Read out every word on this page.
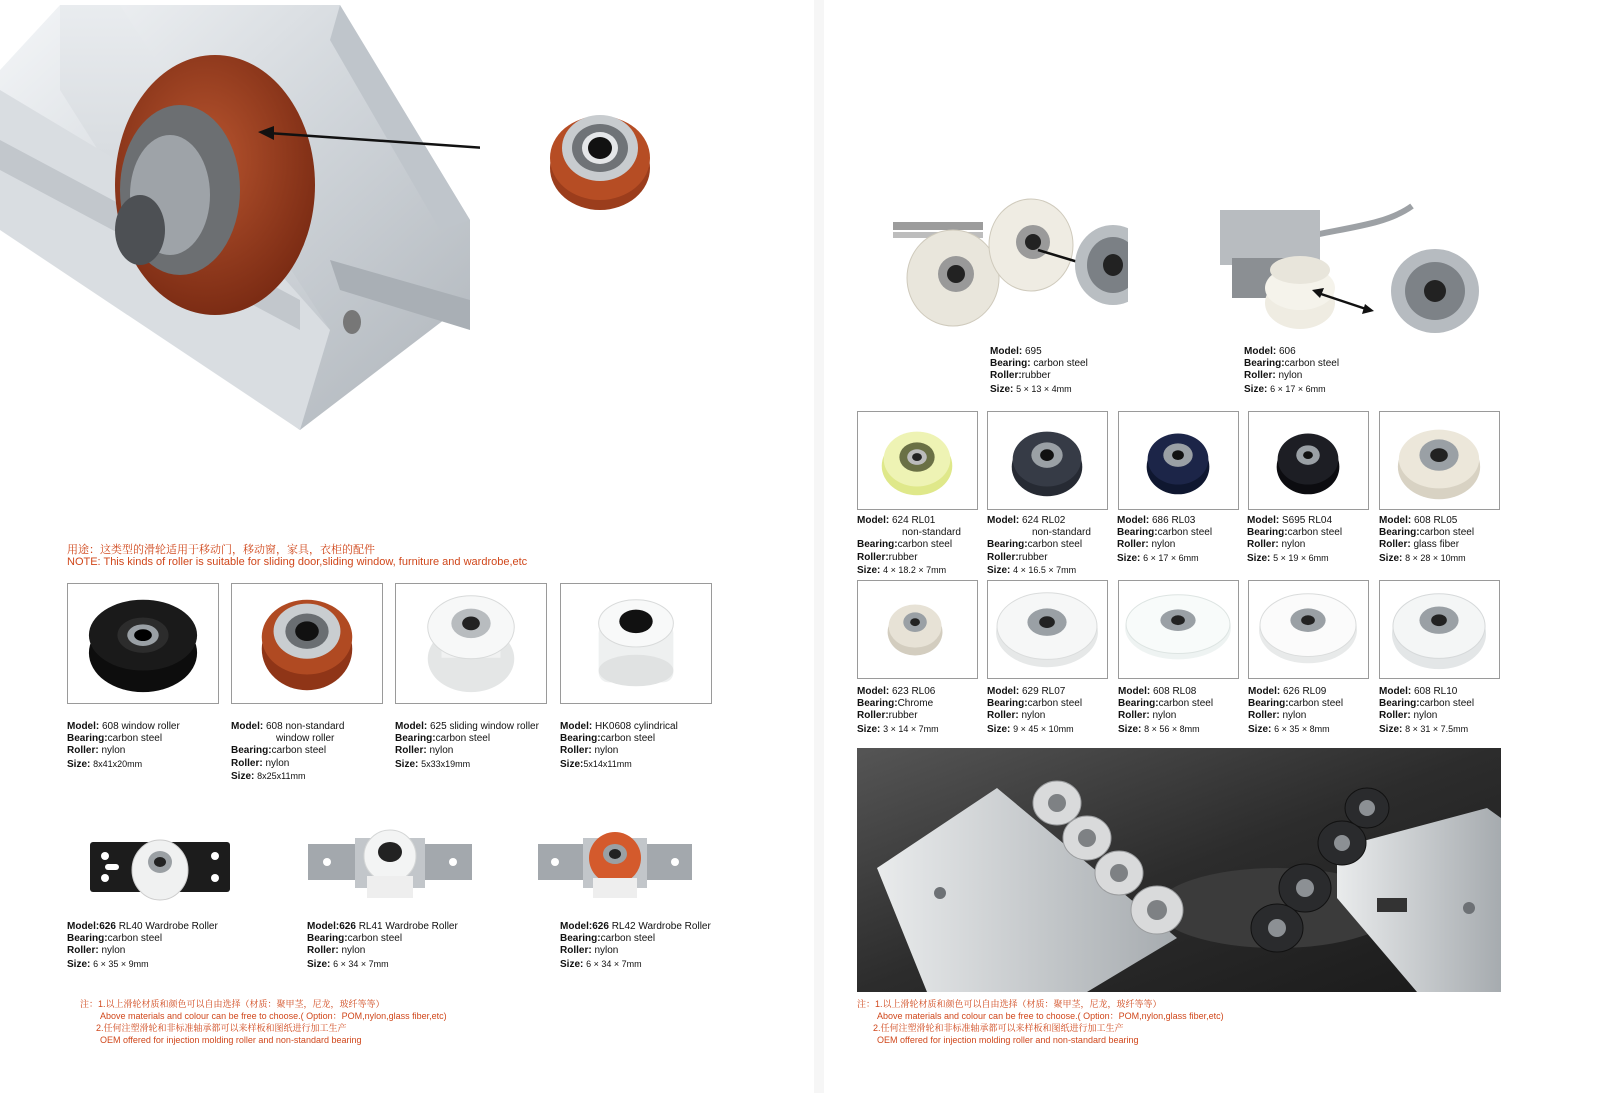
用途：这类型的滑轮适用于移动门，移动窗，家具，衣柜的配件
NOTE: This kinds of roller is suitable for sliding door,sliding window, furniture and wardrobe,etc
Model: 608 window roller
Bearing:carbon steel
Roller: nylon
Size: 8x41x20mm
Model: 608 non-standard
window roller
Bearing:carbon steel
Roller: nylon
Size: 8x25x11mm
Model: 625 sliding window roller
Bearing:carbon steel
Roller: nylon
Size: 5x33x19mm
Model: HK0608 cylindrical
Bearing:carbon steel
Roller: nylon
Size:5x14x11mm
Model:626 RL40 Wardrobe Roller
Bearing:carbon steel
Roller: nylon
Size: 6 × 35 × 9mm
Model:626 RL41 Wardrobe Roller
Bearing:carbon steel
Roller: nylon
Size: 6 × 34 × 7mm
Model:626 RL42 Wardrobe Roller
Bearing:carbon steel
Roller: nylon
Size: 6 × 34 × 7mm
注：1.以上滑轮材质和颜色可以自由选择（材质：聚甲茎，尼龙，玻纤等等）
Above materials and colour can be free to choose.( Option：POM,nylon,glass fiber,etc)
2.任何注塑滑轮和非标准轴承都可以来样板和图纸进行加工生产
OEM offered for injection molding roller and non-standard bearing
Model: 695
Bearing: carbon steel
Roller:rubber
Size: 5 × 13 × 4mm
Model: 606
Bearing:carbon steel
Roller: nylon
Size: 6 × 17 × 6mm
Model: 624 RL01
non-standard
Bearing:carbon steel
Roller:rubber
Size: 4 × 18.2 × 7mm
Model: 624 RL02
non-standard
Bearing:carbon steel
Roller:rubber
Size: 4 × 16.5 × 7mm
Model: 686 RL03
Bearing:carbon steel
Roller: nylon
Size: 6 × 17 × 6mm
Model: S695 RL04
Bearing:carbon steel
Roller: nylon
Size: 5 × 19 × 6mm
Model: 608 RL05
Bearing:carbon steel
Roller: glass fiber
Size: 8 × 28 × 10mm
Model: 623 RL06
Bearing:Chrome
Roller:rubber
Size: 3 × 14 × 7mm
Model: 629 RL07
Bearing:carbon steel
Roller: nylon
Size: 9 × 45 × 10mm
Model: 608 RL08
Bearing:carbon steel
Roller: nylon
Size: 8 × 56 × 8mm
Model: 626 RL09
Bearing:carbon steel
Roller: nylon
Size: 6 × 35 × 8mm
Model: 608 RL10
Bearing:carbon steel
Roller: nylon
Size: 8 × 31 × 7.5mm
注：1.以上滑轮材质和颜色可以自由选择（材质：聚甲茎，尼龙，玻纤等等）
Above materials and colour can be free to choose.( Option：POM,nylon,glass fiber,etc)
2.任何注塑滑轮和非标准轴承都可以来样板和图纸进行加工生产
OEM offered for injection molding roller and non-standard bearing
